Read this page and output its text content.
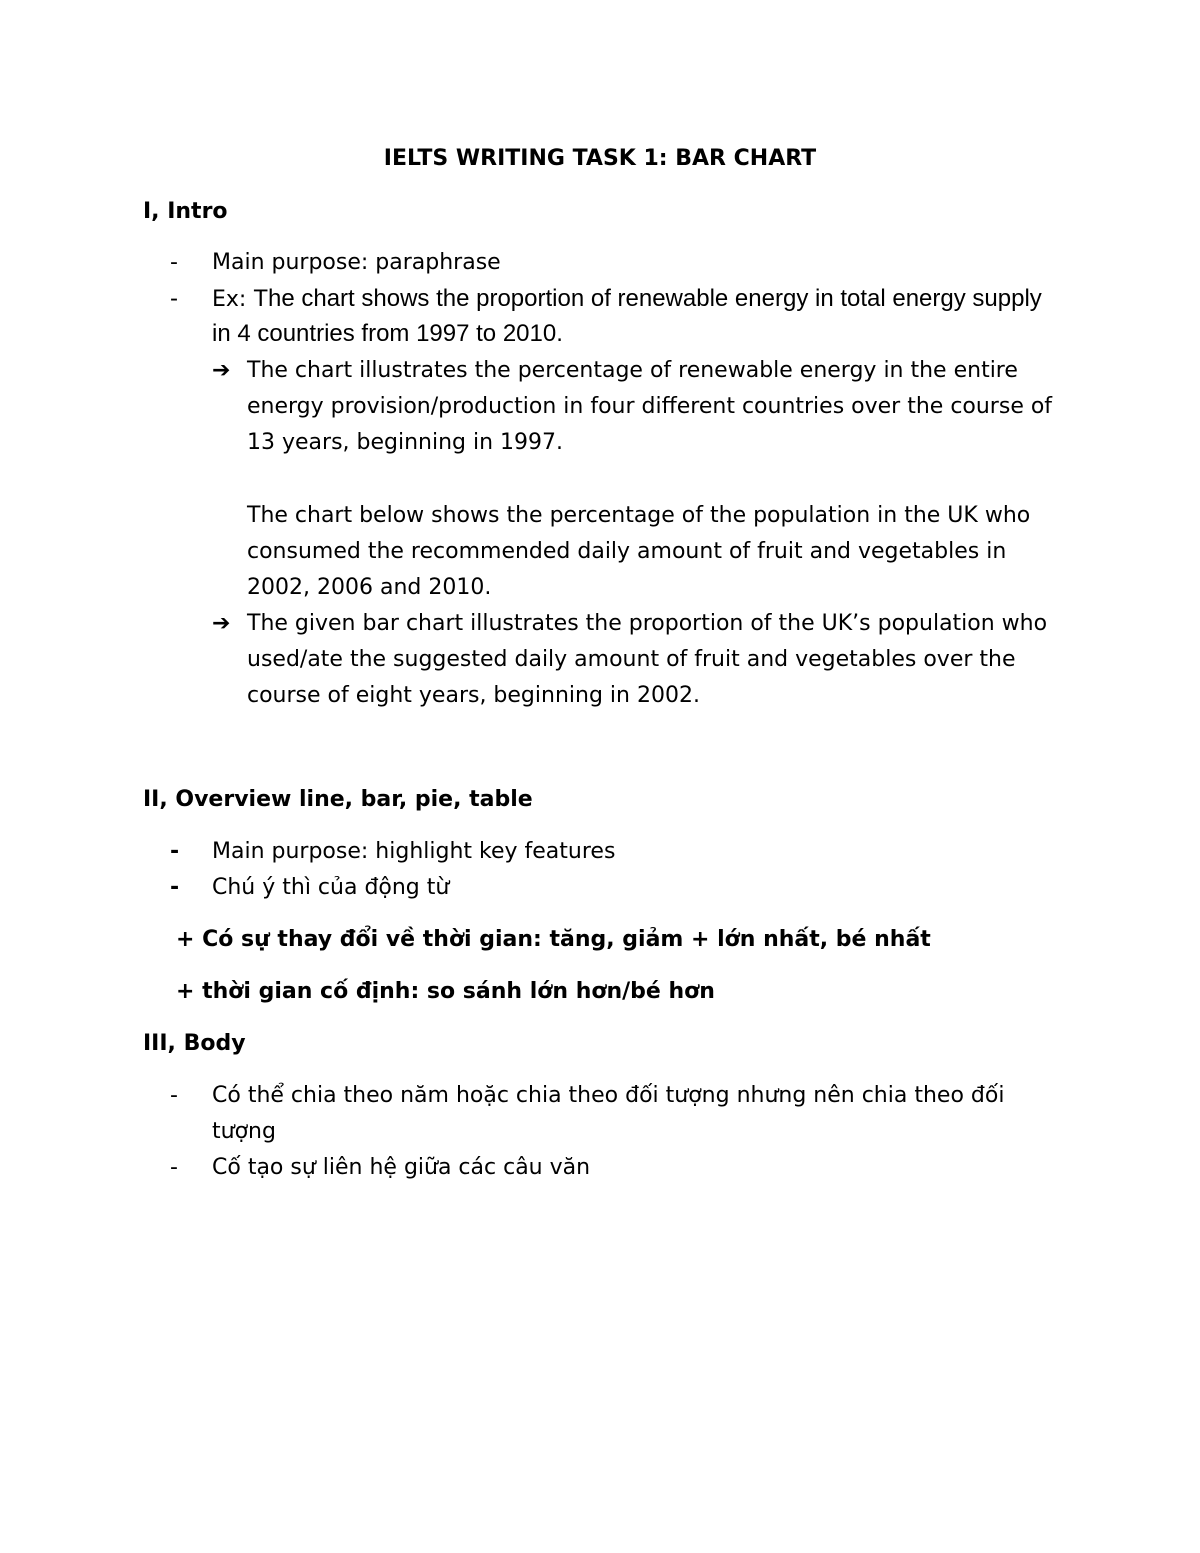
IELTS WRITING TASK 1: BAR CHART
I, Intro
- Main purpose: paraphrase
- Ex: The chart shows the proportion of renewable energy in total energy supply in 4 countries from 1997 to 2010.
➔ The chart illustrates the percentage of renewable energy in the entire energy provision/production in four different countries over the course of 13 years, beginning in 1997.
The chart below shows the percentage of the population in the UK who consumed the recommended daily amount of fruit and vegetables in 2002, 2006 and 2010.
➔ The given bar chart illustrates the proportion of the UK’s population who used/ate the suggested daily amount of fruit and vegetables over the course of eight years, beginning in 2002.
II, Overview line, bar, pie, table
- Main purpose: highlight key features
- Chú ý thì của động từ
+ Có sự thay đổi về thời gian: tăng, giảm + lớn nhất, bé nhất
+ thời gian cố định: so sánh lớn hơn/bé hơn
III, Body
- Có thể chia theo năm hoặc chia theo đối tượng nhưng nên chia theo đối tượng
- Cố tạo sự liên hệ giữa các câu văn
